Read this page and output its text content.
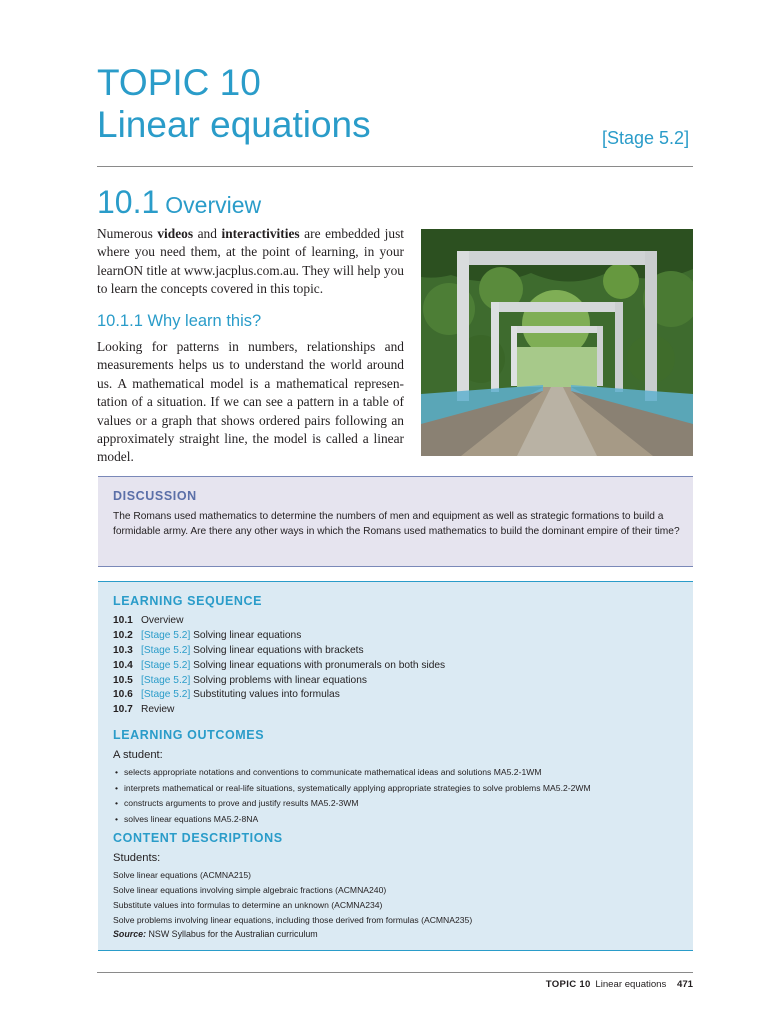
TOPIC 10
Linear equations	[Stage 5.2]
10.1 Overview

Numerous videos and interactivities are embedded just where you need them, at the point of learning, in your learnON title at www.jacplus.com.au. They will help you to learn the concepts covered in this topic.

10.1.1 Why learn this?

Looking for patterns in numbers, relationships and measurements helps us to understand the world around us. A mathematical model is a mathematical represen-tation of a situation. If we can see a pattern in a table of values or a graph that shows ordered pairs following an approximately straight line, the model is called a linear model.

DISCUSSION

The Romans used mathematics to determine the numbers of men and equipment as well as strategic formations to build a formidable army. Are there any other ways in which the Romans used mathematics to build the dominant empire of their time?

LEARNING SEQUENCE
10.1 Overview
10.2 [Stage 5.2] Solving linear equations
10.3 [Stage 5.2] Solving linear equations with brackets
10.4 [Stage 5.2] Solving linear equations with pronumerals on both sides
10.5 [Stage 5.2] Solving problems with linear equations
10.6 [Stage 5.2] Substituting values into formulas
10.7 Review
LEARNING OUTCOMES
A student:
• selects appropriate notations and conventions to communicate mathematical ideas and solutions MA5.2-1WM
• interprets mathematical or real-life situations, systematically applying appropriate strategies to solve problems MA5.2-2WM
• constructs arguments to prove and justify results MA5.2-3WM
• solves linear equations MA5.2-8NA
CONTENT DESCRIPTIONS
Students:
Solve linear equations (ACMNA215)
Solve linear equations involving simple algebraic fractions (ACMNA240)
Substitute values into formulas to determine an unknown (ACMNA234)
Solve problems involving linear equations, including those derived from formulas (ACMNA235)
Source: NSW Syllabus for the Australian curriculum
TOPIC 10 Linear equations 471
